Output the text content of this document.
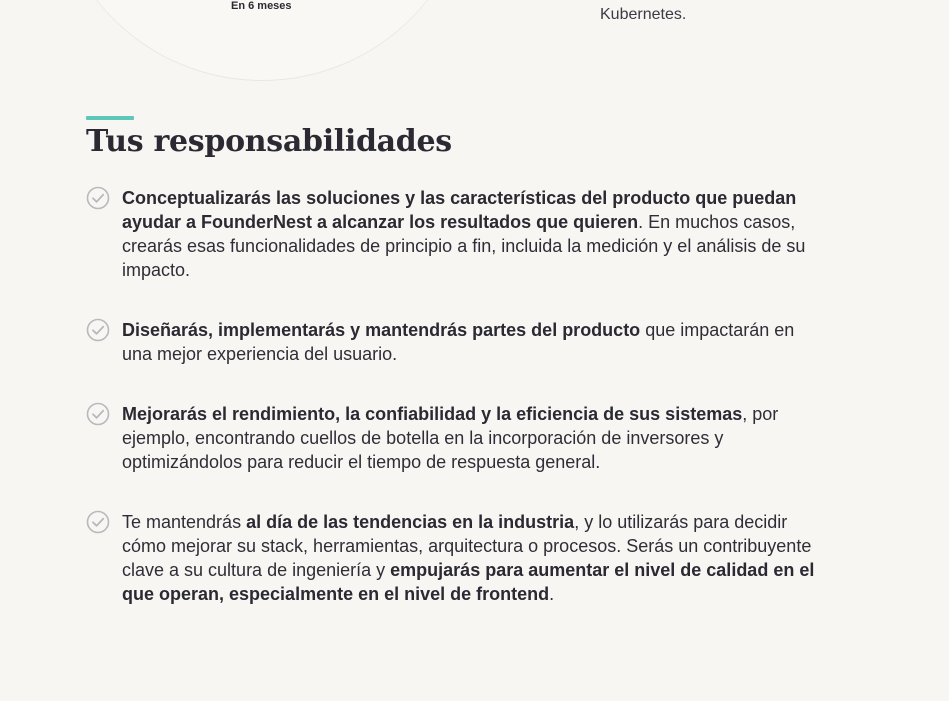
En 6 meses	Kubernetes.
Tus responsabilidades
Conceptualizarás las soluciones y las características del producto que puedan ayudar a FounderNest a alcanzar los resultados que quieren. En muchos casos, crearás esas funcionalidades de principio a fin, incluida la medición y el análisis de su impacto.
Diseñarás, implementarás y mantendrás partes del producto que impactarán en una mejor experiencia del usuario.
Mejorarás el rendimiento, la confiabilidad y la eficiencia de sus sistemas, por ejemplo, encontrando cuellos de botella en la incorporación de inversores y optimizándolos para reducir el tiempo de respuesta general.
Te mantendrás al día de las tendencias en la industria, y lo utilizarás para decidir cómo mejorar su stack, herramientas, arquitectura o procesos. Serás un contribuyente clave a su cultura de ingeniería y empujarás para aumentar el nivel de calidad en el que operan, especialmente en el nivel de frontend.
